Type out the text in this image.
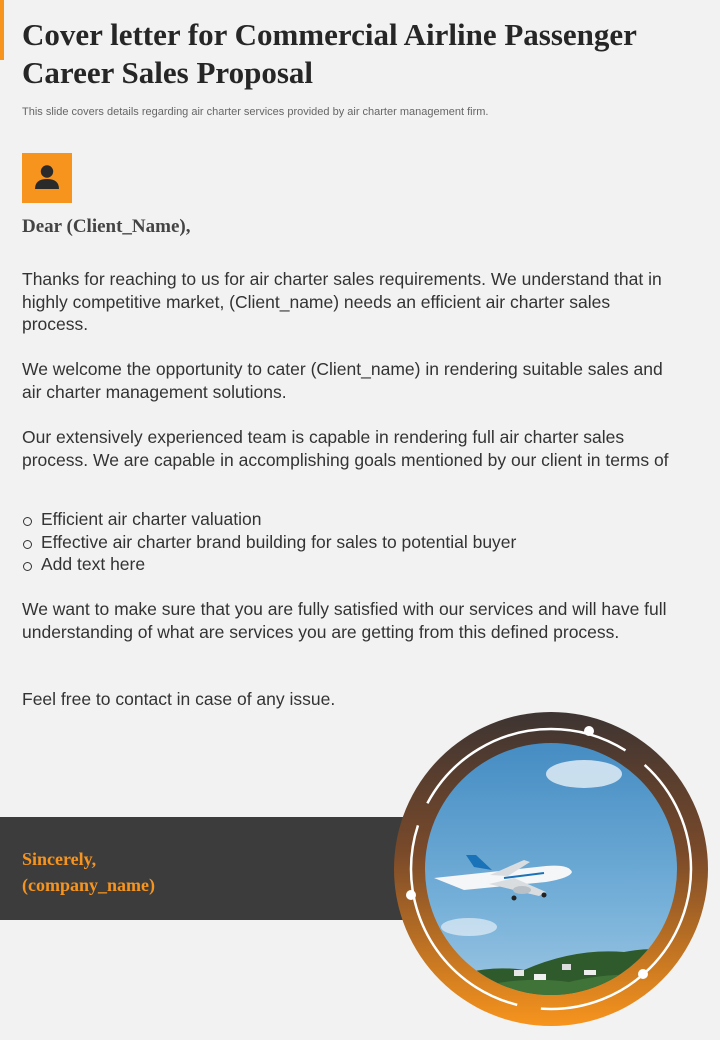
Cover letter for Commercial Airline Passenger Career Sales Proposal
This slide covers details regarding air charter services provided by air charter management firm.
Dear (Client_Name),

Thanks for reaching to us for air charter sales requirements. We understand that in highly competitive market, (Client_name) needs an efficient air charter sales process.

We welcome the opportunity to cater (Client_name) in rendering suitable sales and air charter management solutions.

Our extensively experienced team is capable in rendering full air charter sales process. We are capable in accomplishing goals mentioned by our client in terms of

Efficient air charter valuation
Effective air charter brand building for sales to potential buyer
Add text here

We want to make sure that you are fully satisfied with our services and will have full understanding of what are services you are getting from this defined process.

Feel free to contact in case of any issue.

Sincerely,
(company_name)
